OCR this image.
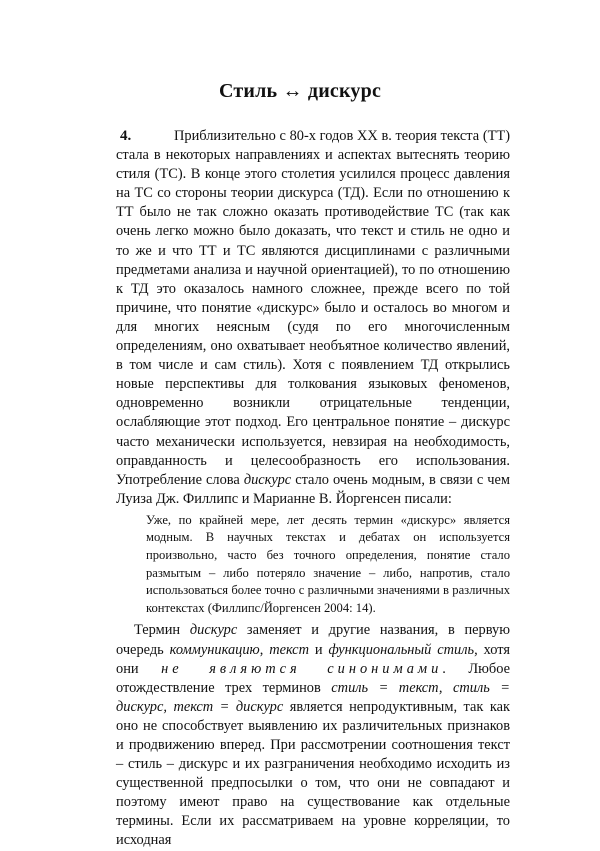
Стиль ↔ дискурс

4.	Приблизительно с 80-х годов XX в. теория текста (ТТ) стала в некоторых направлениях и аспектах вытеснять теорию стиля (ТС). В конце этого столетия усилился процесс давления на ТС со стороны теории дискурса (ТД). Если по отношению к ТТ было не так сложно оказать противодействие ТС (так как очень легко можно было доказать, что текст и стиль не одно и то же и что ТТ и ТС являются дисциплинами с различными предметами анализа и научной ориентацией), то по отношению к ТД это оказалось намного сложнее, прежде всего по той причине, что понятие «дискурс» было и осталось во многом и для многих неясным (судя по его многочисленным определениям, оно охватывает необъятное количество явлений, в том числе и сам стиль). Хотя с появлением ТД открылись новые перспективы для толкования языковых феноменов, одновременно возникли отрицательные тенденции, ослабляющие этот подход. Его центральное понятие – дискурс часто механически используется, невзирая на необходимость, оправданность и целесообразность его использования. Употребление слова дискурс стало очень модным, в связи с чем Луиза Дж. Филлипс и Марианне В. Йоргенсен писали:

Уже, по крайней мере, лет десять термин «дискурс» является модным. В научных текстах и дебатах он используется произвольно, часто без точного определения, понятие стало размытым – либо потеряло значение – либо, напротив, стало использоваться более точно с различными значениями в различных контекстах (Филлипс/Йоргенсен 2004: 14).

Термин дискурс заменяет и другие названия, в первую очередь коммуникацию, текст и функциональный стиль, хотя они не являются синонимами. Любое отождествление трех терминов стиль = текст, стиль = дискурс, текст = дискурс является непродуктивным, так как оно не способствует выявлению их различительных признаков и продвижению вперед. При рассмотрении соотношения текст – стиль – дискурс и их разграничения необходимо исходить из существенной предпосылки о том, что они не совпадают и поэтому имеют право на существование как отдельные термины. Если их рассматриваем на уровне корреляции, то исходная
